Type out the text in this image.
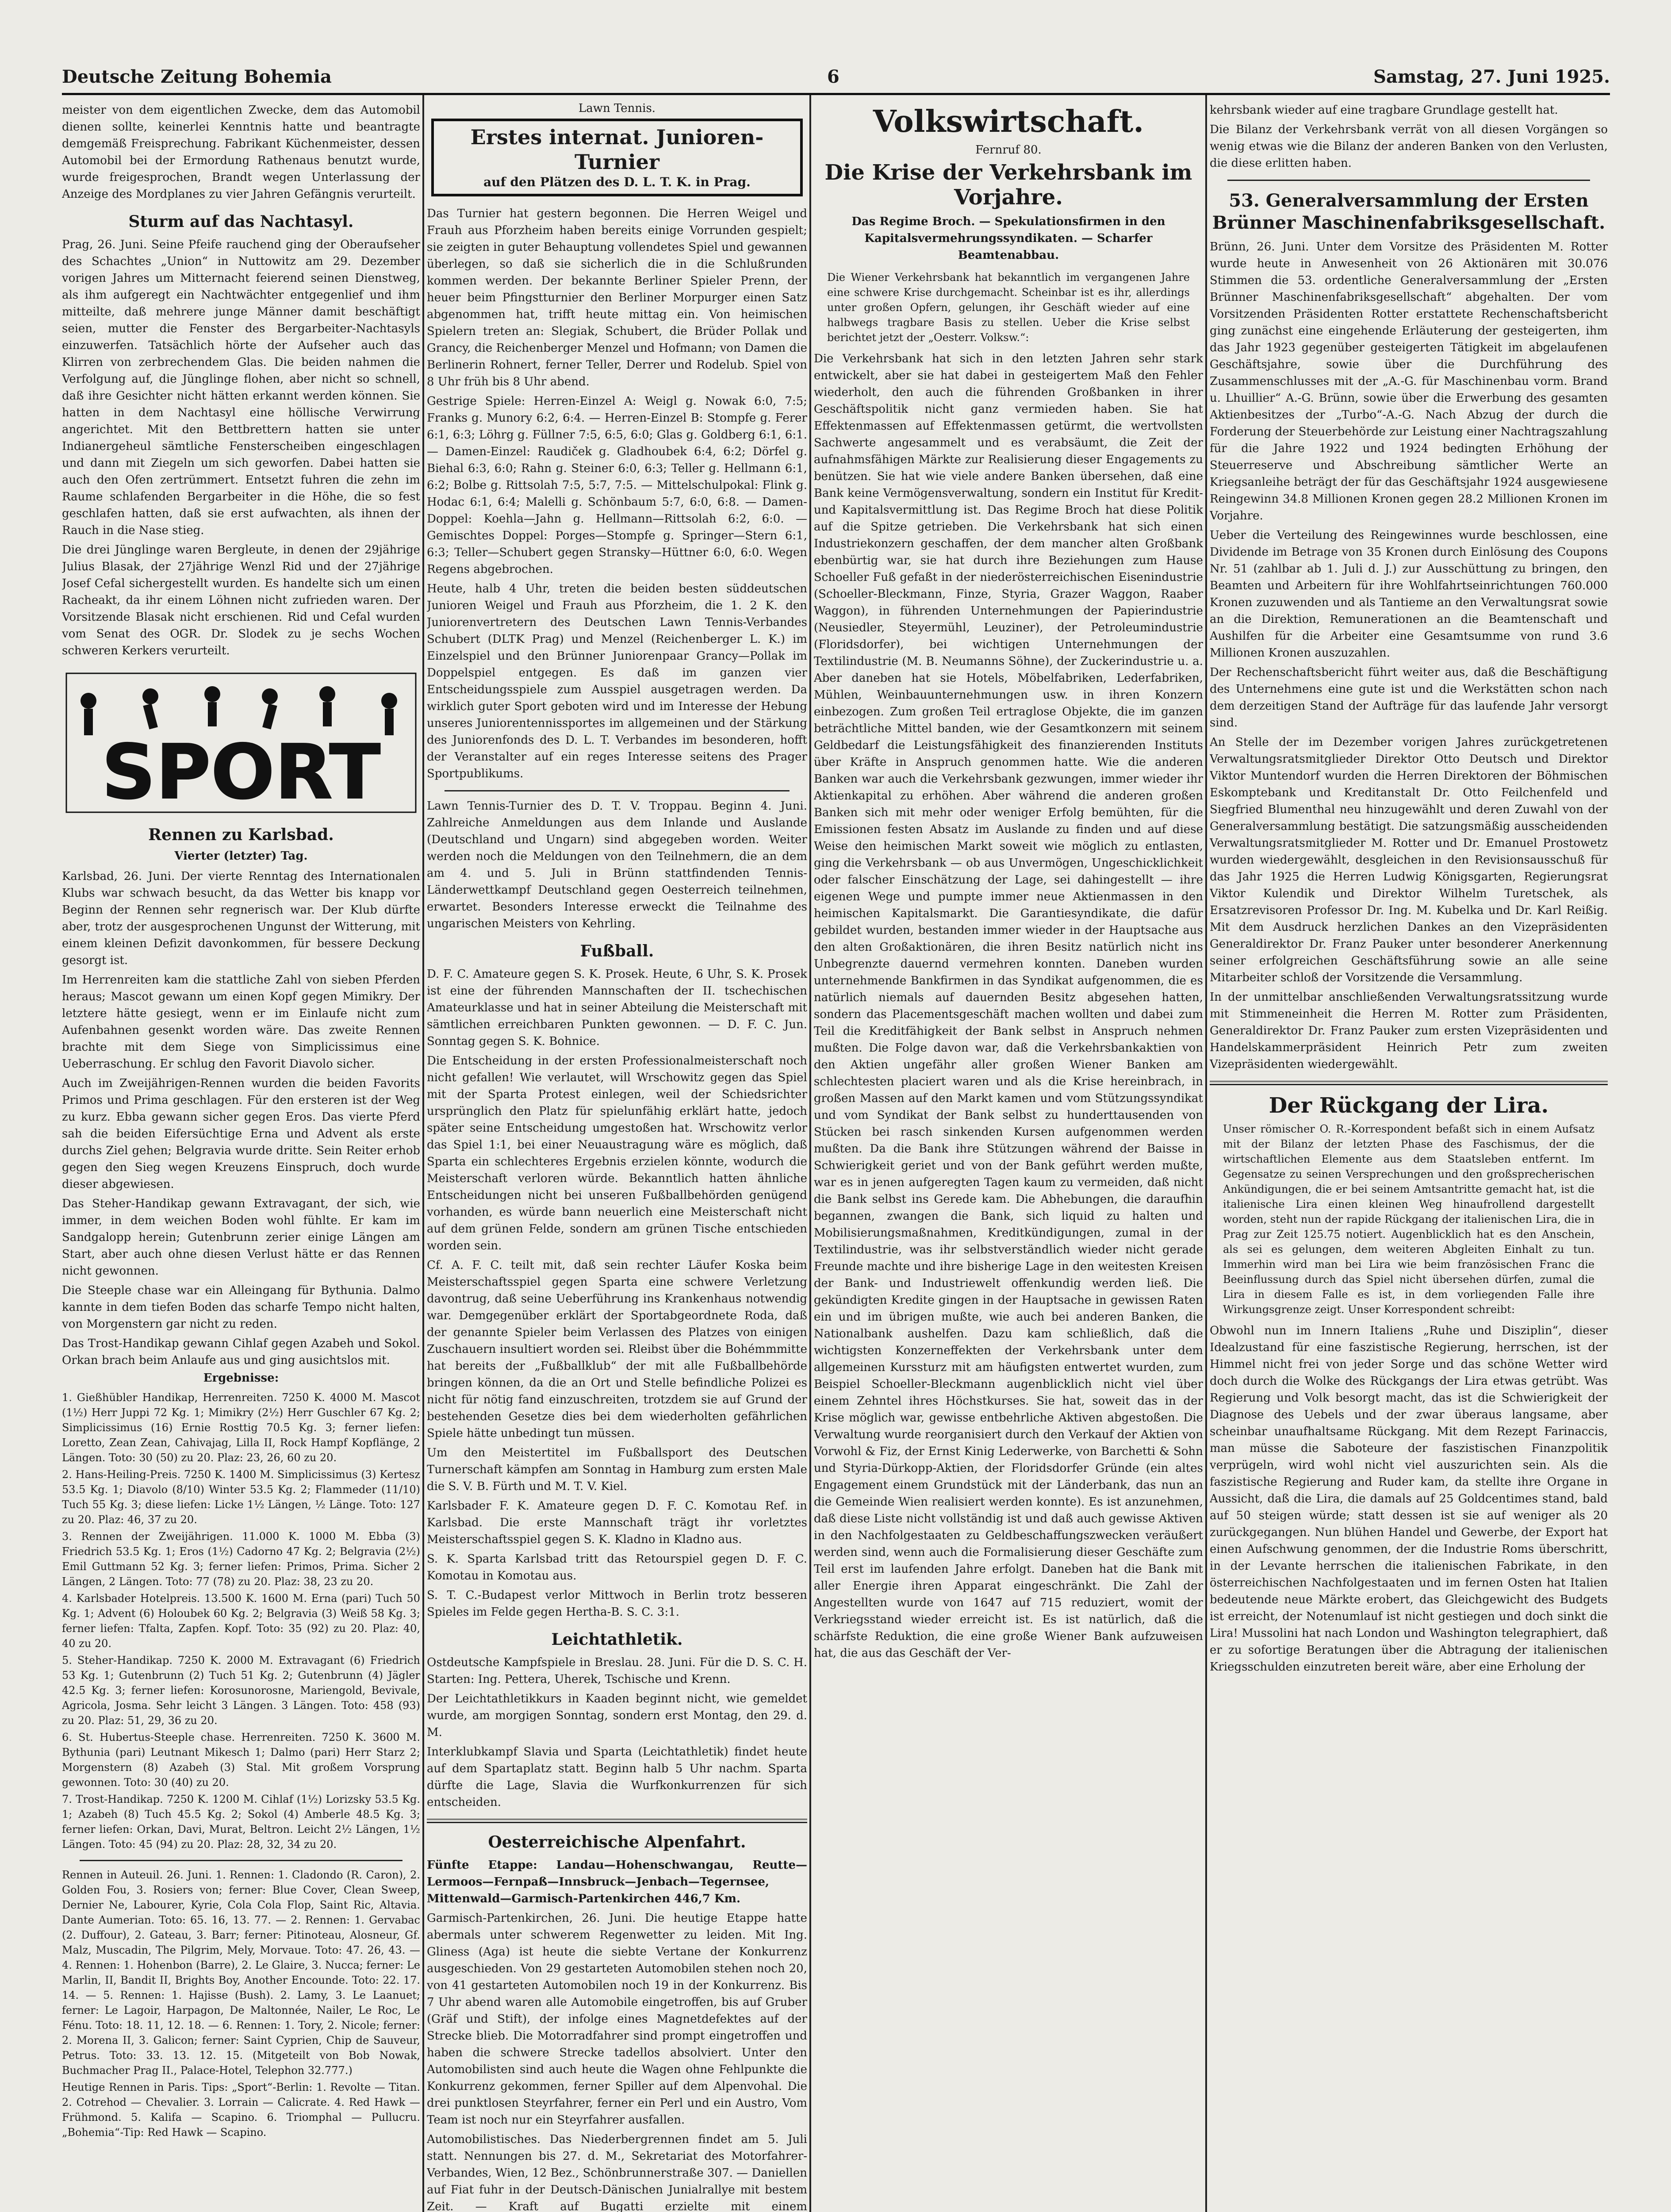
Deutsche Zeitung Bohemia	6	Samstag, 27. Juni 1925.

meister von dem eigentlichen Zwecke, dem das Automobil dienen sollte, keinerlei Kenntnis hatte und beantragte demgemäß Freisprechung. Fabrikant Küchenmeister, dessen Automobil bei der Ermordung Rathenaus benutzt wurde, wurde freigesprochen, Brandt wegen Unterlassung der Anzeige des Mordplanes zu vier Jahren Gefängnis verurteilt.

Sturm auf das Nachtasyl.

Prag, 26. Juni. Seine Pfeife rauchend ging der Oberaufseher des Schachtes „Union“ in Nuttowitz am 29. Dezember vorigen Jahres um Mitternacht feierend seinen Dienstweg, als ihm aufgeregt ein Nachtwächter entgegenlief und ihm mitteilte, daß mehrere junge Männer damit beschäftigt seien, mutter die Fenster des Bergarbeiter-Nachtasyls einzuwerfen. Tatsächlich hörte der Aufseher auch das Klirren von zerbrechendem Glas. Die beiden nahmen die Verfolgung auf, die Jünglinge flohen, aber nicht so schnell, daß ihre Gesichter nicht hätten erkannt werden können. Sie hatten in dem Nachtasyl eine höllische Verwirrung angerichtet. Mit den Bettbrettern hatten sie unter Indianergeheul sämtliche Fensterscheiben eingeschlagen und dann mit Ziegeln um sich geworfen. Dabei hatten sie auch den Ofen zertrümmert. Entsetzt fuhren die zehn im Raume schlafenden Bergarbeiter in die Höhe, die so fest geschlafen hatten, daß sie erst aufwachten, als ihnen der Rauch in die Nase stieg.

Die drei Jünglinge waren Bergleute, in denen der 29jährige Julius Blasak, der 27jährige Wenzl Rid und der 27jährige Josef Cefal sichergestellt wurden. Es handelte sich um einen Racheakt, da ihr einem Löhnen nicht zufrieden waren. Der Vorsitzende Blasak nicht erschienen. Rid und Cefal wurden vom Senat des OGR. Dr. Slodek zu je sechs Wochen schweren Kerkers verurteilt.

SPORT
Rennen zu Karlsbad.
Vierter (letzter) Tag.

Karlsbad, 26. Juni. Der vierte Renntag des Internationalen Klubs war schwach besucht, da das Wetter bis knapp vor Beginn der Rennen sehr regnerisch war. Der Klub dürfte aber, trotz der ausgesprochenen Ungunst der Witterung, mit einem kleinen Defizit davonkommen, für bessere Deckung gesorgt ist.

Im Herrenreiten kam die stattliche Zahl von sieben Pferden heraus; Mascot gewann um einen Kopf gegen Mimikry. Der letztere hätte gesiegt, wenn er im Einlaufe nicht zum Aufenbahnen gesenkt worden wäre. Das zweite Rennen brachte mit dem Siege von Simplicissimus eine Ueberraschung. Er schlug den Favorit Diavolo sicher.

Auch im Zweijährigen-Rennen wurden die beiden Favorits Primos und Prima geschlagen. Für den ersteren ist der Weg zu kurz. Ebba gewann sicher gegen Eros. Das vierte Pferd sah die beiden Eifersüchtige Erna und Advent als erste durchs Ziel gehen; Belgravia wurde dritte. Sein Reiter erhob gegen den Sieg wegen Kreuzens Einspruch, doch wurde dieser abgewiesen.

Das Steher-Handikap gewann Extravagant, der sich, wie immer, in dem weichen Boden wohl fühlte. Er kam im Sandgalopp herein; Gutenbrunn zerier einige Längen am Start, aber auch ohne diesen Verlust hätte er das Rennen nicht gewonnen.

Die Steeple chase war ein Alleingang für Bythunia. Dalmo kannte in dem tiefen Boden das scharfe Tempo nicht halten, von Morgenstern gar nicht zu reden.

Das Trost-Handikap gewann Cihlaf gegen Azabeh und Sokol. Orkan brach beim Anlaufe aus und ging ausichtslos mit.

Ergebnisse:

1. Gießhübler Handikap, Herrenreiten. 7250 K. 4000 M. Mascot (1½) Herr Juppi 72 Kg. 1; Mimikry (2½) Herr Guschler 67 Kg. 2; Simplicissimus (16) Ernie Rosttig 70.5 Kg. 3; ferner liefen: Loretto, Zean Zean, Cahivajag, Lilla II, Rock Hampf Kopflänge, 2 Längen. Toto: 30 (50) zu 20. Plaz: 23, 26, 60 zu 20.

2. Hans-Heiling-Preis. 7250 K. 1400 M. Simplicissimus (3) Kertesz 53.5 Kg. 1; Diavolo (8/10) Winter 53.5 Kg. 2; Flammeder (11/10) Tuch 55 Kg. 3; diese liefen: Licke 1½ Längen, ½ Länge. Toto: 127 zu 20. Plaz: 46, 37 zu 20.

3. Rennen der Zweijährigen. 11.000 K. 1000 M. Ebba (3) Friedrich 53.5 Kg. 1; Eros (1½) Cadorno 47 Kg. 2; Belgravia (2½) Emil Guttmann 52 Kg. 3; ferner liefen: Primos, Prima. Sicher 2 Längen, 2 Längen. Toto: 77 (78) zu 20. Plaz: 38, 23 zu 20.

4. Karlsbader Hotelpreis. 13.500 K. 1600 M. Erna (pari) Tuch 50 Kg. 1; Advent (6) Holoubek 60 Kg. 2; Belgravia (3) Weiß 58 Kg. 3; ferner liefen: Tfalta, Zapfen. Kopf. Toto: 35 (92) zu 20. Plaz: 40, 40 zu 20.

5. Steher-Handikap. 7250 K. 2000 M. Extravagant (6) Friedrich 53 Kg. 1; Gutenbrunn (2) Tuch 51 Kg. 2; Gutenbrunn (4) Jägler 42.5 Kg. 3; ferner liefen: Korosunorosne, Mariengold, Bevivale, Agricola, Josma. Sehr leicht 3 Längen. 3 Längen. Toto: 458 (93) zu 20. Plaz: 51, 29, 36 zu 20.

6. St. Hubertus-Steeple chase. Herrenreiten. 7250 K. 3600 M. Bythunia (pari) Leutnant Mikesch 1; Dalmo (pari) Herr Starz 2; Morgenstern (8) Azabeh (3) Stal. Mit großem Vorsprung gewonnen. Toto: 30 (40) zu 20.

7. Trost-Handikap. 7250 K. 1200 M. Cihlaf (1½) Lorizsky 53.5 Kg. 1; Azabeh (8) Tuch 45.5 Kg. 2; Sokol (4) Amberle 48.5 Kg. 3; ferner liefen: Orkan, Davi, Murat, Beltron. Leicht 2½ Längen, 1½ Längen. Toto: 45 (94) zu 20. Plaz: 28, 32, 34 zu 20.

Rennen in Auteuil. 26. Juni. 1. Rennen: 1. Cladondo (R. Caron), 2. Golden Fou, 3. Rosiers von; ferner: Blue Cover, Clean Sweep, Dernier Ne, Labourer, Kyrie, Cola Cola Flop, Saint Ric, Altavia. Dante Aumerian. Toto: 65. 16, 13. 77. — 2. Rennen: 1. Gervabac (2. Duffour), 2. Gateau, 3. Barr; ferner: Pitinoteau, Alosneur, Gf. Malz, Muscadin, The Pilgrim, Mely, Morvaue. Toto: 47. 26, 43. — 4. Rennen: 1. Hohenbon (Barre), 2. Le Glaire, 3. Nucca; ferner: Le Marlin, II, Bandit II, Brights Boy, Another Encounde. Toto: 22. 17. 14. — 5. Rennen: 1. Hajisse (Bush). 2. Lamy, 3. Le Laanuet; ferner: Le Lagoir, Harpagon, De Maltonnée, Nailer, Le Roc, Le Fénu. Toto: 18. 11, 12. 18. — 6. Rennen: 1. Tory, 2. Nicole; ferner: 2. Morena II, 3. Galicon; ferner: Saint Cyprien, Chip de Sauveur, Petrus. Toto: 33. 13. 12. 15. (Mitgeteilt von Bob Nowak, Buchmacher Prag II., Palace-Hotel, Telephon 32.777.)

Heutige Rennen in Paris. Tips: „Sport“-Berlin: 1. Revolte — Titan. 2. Cotrehod — Chevalier. 3. Lorrain — Calicrate. 4. Red Hawk — Frühmond. 5. Kalifa — Scapino. 6. Triomphal — Pullucru. „Bohemia“-Tip: Red Hawk — Scapino.

Lawn Tennis.
Erstes internat. Junioren-Turnier
auf den Plätzen des D. L. T. K. in Prag.

Das Turnier hat gestern begonnen. Die Herren Weigel und Frauh aus Pforzheim haben bereits einige Vorrunden gespielt; sie zeigten in guter Behauptung vollendetes Spiel und gewannen überlegen, so daß sie sicherlich die in die Schlußrunden kommen werden. Der bekannte Berliner Spieler Prenn, der heuer beim Pfingstturnier den Berliner Morpurger einen Satz abgenommen hat, trifft heute mittag ein. Von heimischen Spielern treten an: Slegiak, Schubert, die Brüder Pollak und Grancy, die Reichenberger Menzel und Hofmann; von Damen die Berlinerin Rohnert, ferner Teller, Derrer und Rodelub. Spiel von 8 Uhr früh bis 8 Uhr abend.

Gestrige Spiele: Herren-Einzel A: Weigl g. Nowak 6:0, 7:5; Franks g. Munory 6:2, 6:4. — Herren-Einzel B: Stompfe g. Ferer 6:1, 6:3; Löhrg g. Füllner 7:5, 6:5, 6:0; Glas g. Goldberg 6:1, 6:1. — Damen-Einzel: Raudiček g. Gladhoubek 6:4, 6:2; Dörfel g. Biehal 6:3, 6:0; Rahn g. Steiner 6:0, 6:3; Teller g. Hellmann 6:1, 6:2; Bolbe g. Rittsolah 7:5, 5:7, 7:5. — Mittelschulpokal: Flink g. Hodac 6:1, 6:4; Malelli g. Schönbaum 5:7, 6:0, 6:8. — Damen-Doppel: Koehla—Jahn g. Hellmann—Rittsolah 6:2, 6:0. — Gemischtes Doppel: Porges—Stompfe g. Springer—Stern 6:1, 6:3; Teller—Schubert gegen Stransky—Hüttner 6:0, 6:0. Wegen Regens abgebrochen.

Heute, halb 4 Uhr, treten die beiden besten süddeutschen Junioren Weigel und Frauh aus Pforzheim, die 1. 2 K. den Juniorenvertretern des Deutschen Lawn Tennis-Verbandes Schubert (DLTK Prag) und Menzel (Reichenberger L. K.) im Einzelspiel und den Brünner Juniorenpaar Grancy—Pollak im Doppelspiel entgegen. Es daß im ganzen vier Entscheidungsspiele zum Ausspiel ausgetragen werden. Da wirklich guter Sport geboten wird und im Interesse der Hebung unseres Juniorentennissportes im allgemeinen und der Stärkung des Juniorenfonds des D. L. T. Verbandes im besonderen, hofft der Veranstalter auf ein reges Interesse seitens des Prager Sportpublikums.

Lawn Tennis-Turnier des D. T. V. Troppau. Beginn 4. Juni. Zahlreiche Anmeldungen aus dem Inlande und Auslande (Deutschland und Ungarn) sind abgegeben worden. Weiter werden noch die Meldungen von den Teilnehmern, die an dem am 4. und 5. Juli in Brünn stattfindenden Tennis-Länderwettkampf Deutschland gegen Oesterreich teilnehmen, erwartet. Besonders Interesse erweckt die Teilnahme des ungarischen Meisters von Kehrling.

Fußball.

D. F. C. Amateure gegen S. K. Prosek. Heute, 6 Uhr, S. K. Prosek ist eine der führenden Mannschaften der II. tschechischen Amateurklasse und hat in seiner Abteilung die Meisterschaft mit sämtlichen erreichbaren Punkten gewonnen. — D. F. C. Jun. Sonntag gegen S. K. Bohnice.

Die Entscheidung in der ersten Professionalmeisterschaft noch nicht gefallen! Wie verlautet, will Wrschowitz gegen das Spiel mit der Sparta Protest einlegen, weil der Schiedsrichter ursprünglich den Platz für spielunfähig erklärt hatte, jedoch später seine Entscheidung umgestoßen hat. Wrschowitz verlor das Spiel 1:1, bei einer Neuaustragung wäre es möglich, daß Sparta ein schlechteres Ergebnis erzielen könnte, wodurch die Meisterschaft verloren würde. Bekanntlich hatten ähnliche Entscheidungen nicht bei unseren Fußballbehörden genügend vorhanden, es würde bann neuerlich eine Meisterschaft nicht auf dem grünen Felde, sondern am grünen Tische entschieden worden sein.

Cf. A. F. C. teilt mit, daß sein rechter Läufer Koska beim Meisterschaftsspiel gegen Sparta eine schwere Verletzung davontrug, daß seine Ueberführung ins Krankenhaus notwendig war. Demgegenüber erklärt der Sportabgeordnete Roda, daß der genannte Spieler beim Verlassen des Platzes von einigen Zuschauern insultiert worden sei. Rleibst über die Bohémmmitte hat bereits der „Fußballklub“ der mit alle Fußballbehörde bringen können, da die an Ort und Stelle befindliche Polizei es nicht für nötig fand einzuschreiten, trotzdem sie auf Grund der bestehenden Gesetze dies bei dem wiederholten gefährlichen Spiele hätte unbedingt tun müssen.

Um den Meistertitel im Fußballsport des Deutschen Turnerschaft kämpfen am Sonntag in Hamburg zum ersten Male die S. V. B. Fürth und M. T. V. Kiel.

Karlsbader F. K. Amateure gegen D. F. C. Komotau Ref. in Karlsbad. Die erste Mannschaft trägt ihr vorletztes Meisterschaftsspiel gegen S. K. Kladno in Kladno aus.

S. K. Sparta Karlsbad tritt das Retourspiel gegen D. F. C. Komotau in Komotau aus.

S. T. C.-Budapest verlor Mittwoch in Berlin trotz besseren Spieles im Felde gegen Hertha-B. S. C. 3:1.

Leichtathletik.

Ostdeutsche Kampfspiele in Breslau. 28. Juni. Für die D. S. C. H. Starten: Ing. Pettera, Uherek, Tschische und Krenn.

Der Leichtathletikkurs in Kaaden beginnt nicht, wie gemeldet wurde, am morgigen Sonntag, sondern erst Montag, den 29. d. M.

Interklubkampf Slavia und Sparta (Leichtathletik) findet heute auf dem Spartaplatz statt. Beginn halb 5 Uhr nachm. Sparta dürfte die Lage, Slavia die Wurfkonkurrenzen für sich entscheiden.

Oesterreichische Alpenfahrt.

Fünfte Etappe: Landau—Hohenschwangau, Reutte—Lermoos—Fernpaß—Innsbruck—Jenbach—Tegernsee, Mittenwald—Garmisch-Partenkirchen 446,7 Km.

Garmisch-Partenkirchen, 26. Juni. Die heutige Etappe hatte abermals unter schwerem Regenwetter zu leiden. Mit Ing. Gliness (Aga) ist heute die siebte Vertane der Konkurrenz ausgeschieden. Von 29 gestarteten Automobilen stehen noch 20, von 41 gestarteten Automobilen noch 19 in der Konkurrenz. Bis 7 Uhr abend waren alle Automobile eingetroffen, bis auf Gruber (Gräf und Stift), der infolge eines Magnetdefektes auf der Strecke blieb. Die Motorradfahrer sind prompt eingetroffen und haben die schwere Strecke tadellos absolviert. Unter den Automobilisten sind auch heute die Wagen ohne Fehlpunkte die Konkurrenz gekommen, ferner Spiller auf dem Alpenvohal. Die drei punktlosen Steyrfahrer, ferner ein Perl und ein Austro, Vom Team ist noch nur ein Steyrfahrer ausfallen.

Automobilistisches. Das Niederbergrennen findet am 5. Juli statt. Nennungen bis 27. d. M., Sekretariat des Motorfahrer-Verbandes, Wien, 12 Bez., Schönbrunnerstraße 307. — Daniellen auf Fiat fuhr in der Deutsch-Dänischen Junialrallye mit bestem Zeit. — Kraft auf Bugatti erzielte mit einem

Volkswirtschaft.
Fernruf 80.
Die Krise der Verkehrsbank im Vorjahre.
Das Regime Broch. — Spekulationsfirmen in den Kapitalsvermehrungssyndikaten. — Scharfer Beamtenabbau.

Die Wiener Verkehrsbank hat bekanntlich im vergangenen Jahre eine schwere Krise durchgemacht. Scheinbar ist es ihr, allerdings unter großen Opfern, gelungen, ihr Geschäft wieder auf eine halbwegs tragbare Basis zu stellen. Ueber die Krise selbst berichtet jetzt der „Oesterr. Volksw.“:

Die Verkehrsbank hat sich in den letzten Jahren sehr stark entwickelt, aber sie hat dabei in gesteigertem Maß den Fehler wiederholt, den auch die führenden Großbanken in ihrer Geschäftspolitik nicht ganz vermieden haben. Sie hat Effektenmassen auf Effektenmassen getürmt, die wertvollsten Sachwerte angesammelt und es verabsäumt, die Zeit der aufnahmsfähigen Märkte zur Realisierung dieser Engagements zu benützen. Sie hat wie viele andere Banken übersehen, daß eine Bank keine Vermögensverwaltung, sondern ein Institut für Kredit- und Kapitalsvermittlung ist. Das Regime Broch hat diese Politik auf die Spitze getrieben. Die Verkehrsbank hat sich einen Industriekonzern geschaffen, der dem mancher alten Großbank ebenbürtig war, sie hat durch ihre Beziehungen zum Hause Schoeller Fuß gefaßt in der niederösterreichischen Eisenindustrie (Schoeller-Bleckmann, Finze, Styria, Grazer Waggon, Raaber Waggon), in führenden Unternehmungen der Papierindustrie (Neusiedler, Steyermühl, Leuziner), der Petroleumindustrie (Floridsdorfer), bei wichtigen Unternehmungen der Textilindustrie (M. B. Neumanns Söhne), der Zuckerindustrie u. a. Aber daneben hat sie Hotels, Möbelfabriken, Lederfabriken, Mühlen, Weinbauunternehmungen usw. in ihren Konzern einbezogen. Zum großen Teil ertraglose Objekte, die im ganzen beträchtliche Mittel banden, wie der Gesamtkonzern mit seinem Geldbedarf die Leistungsfähigkeit des finanzierenden Instituts über Kräfte in Anspruch genommen hatte. Wie die anderen Banken war auch die Verkehrsbank gezwungen, immer wieder ihr Aktienkapital zu erhöhen. Aber während die anderen großen Banken sich mit mehr oder weniger Erfolg bemühten, für die Emissionen festen Absatz im Auslande zu finden und auf diese Weise den heimischen Markt soweit wie möglich zu entlasten, ging die Verkehrsbank — ob aus Unvermögen, Ungeschicklichkeit oder falscher Einschätzung der Lage, sei dahingestellt — ihre eigenen Wege und pumpte immer neue Aktienmassen in den heimischen Kapitalsmarkt. Die Garantiesyndikate, die dafür gebildet wurden, bestanden immer wieder in der Hauptsache aus den alten Großaktionären, die ihren Besitz natürlich nicht ins Unbegrenzte dauernd vermehren konnten. Daneben wurden unternehmende Bankfirmen in das Syndikat aufgenommen, die es natürlich niemals auf dauernden Besitz abgesehen hatten, sondern das Placementsgeschäft machen wollten und dabei zum Teil die Kreditfähigkeit der Bank selbst in Anspruch nehmen mußten. Die Folge davon war, daß die Verkehrsbankaktien von den Aktien ungefähr aller großen Wiener Banken am schlechtesten placiert waren und als die Krise hereinbrach, in großen Massen auf den Markt kamen und vom Stützungssyndikat und vom Syndikat der Bank selbst zu hunderttausenden von Stücken bei rasch sinkenden Kursen aufgenommen werden mußten. Da die Bank ihre Stützungen während der Baisse in Schwierigkeit geriet und von der Bank geführt werden mußte, war es in jenen aufgeregten Tagen kaum zu vermeiden, daß nicht die Bank selbst ins Gerede kam. Die Abhebungen, die daraufhin begannen, zwangen die Bank, sich liquid zu halten und Mobilisierungsmaßnahmen, Kreditkündigungen, zumal in der Textilindustrie, was ihr selbstverständlich wieder nicht gerade Freunde machte und ihre bisherige Lage in den weitesten Kreisen der Bank- und Industriewelt offenkundig werden ließ. Die gekündigten Kredite gingen in der Hauptsache in gewissen Raten ein und im übrigen mußte, wie auch bei anderen Banken, die Nationalbank aushelfen. Dazu kam schließlich, daß die wichtigsten Konzerneffekten der Verkehrsbank unter dem allgemeinen Kurssturz mit am häufigsten entwertet wurden, zum Beispiel Schoeller-Bleckmann augenblicklich nicht viel über einem Zehntel ihres Höchstkurses. Sie hat, soweit das in der Krise möglich war, gewisse entbehrliche Aktiven abgestoßen. Die Verwaltung wurde reorganisiert durch den Verkauf der Aktien von Vorwohl & Fiz, der Ernst Kinig Lederwerke, von Barchetti & Sohn und Styria-Dürkopp-Aktien, der Floridsdorfer Gründe (ein altes Engagement einem Grundstück mit der Länderbank, das nun an die Gemeinde Wien realisiert werden konnte). Es ist anzunehmen, daß diese Liste nicht vollständig ist und daß auch gewisse Aktiven in den Nachfolgestaaten zu Geldbeschaffungszwecken veräußert werden sind, wenn auch die Formalisierung dieser Geschäfte zum Teil erst im laufenden Jahre erfolgt. Daneben hat die Bank mit aller Energie ihren Apparat eingeschränkt. Die Zahl der Angestellten wurde von 1647 auf 715 reduziert, womit der Verkriegsstand wieder erreicht ist. Es ist natürlich, daß die schärfste Reduktion, die eine große Wiener Bank aufzuweisen hat, die aus das Geschäft der Ver-

kehrsbank wieder auf eine tragbare Grundlage gestellt hat.

Die Bilanz der Verkehrsbank verrät von all diesen Vorgängen so wenig etwas wie die Bilanz der anderen Banken von den Verlusten, die diese erlitten haben.

53. Generalversammlung der Ersten Brünner Maschinenfabriksgesellschaft.

Brünn, 26. Juni. Unter dem Vorsitze des Präsidenten M. Rotter wurde heute in Anwesenheit von 26 Aktionären mit 30.076 Stimmen die 53. ordentliche Generalversammlung der „Ersten Brünner Maschinenfabriksgesellschaft“ abgehalten. Der vom Vorsitzenden Präsidenten Rotter erstattete Rechenschaftsbericht ging zunächst eine eingehende Erläuterung der gesteigerten, ihm das Jahr 1923 gegenüber gesteigerten Tätigkeit im abgelaufenen Geschäftsjahre, sowie über die Durchführung des Zusammenschlusses mit der „A.-G. für Maschinenbau vorm. Brand u. Lhuillier“ A.-G. Brünn, sowie über die Erwerbung des gesamten Aktienbesitzes der „Turbo“-A.-G. Nach Abzug der durch die Forderung der Steuerbehörde zur Leistung einer Nachtragszahlung für die Jahre 1922 und 1924 bedingten Erhöhung der Steuerreserve und Abschreibung sämtlicher Werte an Kriegsanleihe beträgt der für das Geschäftsjahr 1924 ausgewiesene Reingewinn 34.8 Millionen Kronen gegen 28.2 Millionen Kronen im Vorjahre.

Ueber die Verteilung des Reingewinnes wurde beschlossen, eine Dividende im Betrage von 35 Kronen durch Einlösung des Coupons Nr. 51 (zahlbar ab 1. Juli d. J.) zur Ausschüttung zu bringen, den Beamten und Arbeitern für ihre Wohlfahrtseinrichtungen 760.000 Kronen zuzuwenden und als Tantieme an den Verwaltungsrat sowie an die Direktion, Remunerationen an die Beamtenschaft und Aushilfen für die Arbeiter eine Gesamtsumme von rund 3.6 Millionen Kronen auszuzahlen.

Der Rechenschaftsbericht führt weiter aus, daß die Beschäftigung des Unternehmens eine gute ist und die Werkstätten schon nach dem derzeitigen Stand der Aufträge für das laufende Jahr versorgt sind.

An Stelle der im Dezember vorigen Jahres zurückgetretenen Verwaltungsratsmitglieder Direktor Otto Deutsch und Direktor Viktor Muntendorf wurden die Herren Direktoren der Böhmischen Eskomptebank und Kreditanstalt Dr. Otto Feilchenfeld und Siegfried Blumenthal neu hinzugewählt und deren Zuwahl von der Generalversammlung bestätigt. Die satzungsmäßig ausscheidenden Verwaltungsratsmitglieder M. Rotter und Dr. Emanuel Prostowetz wurden wiedergewählt, desgleichen in den Revisionsausschuß für das Jahr 1925 die Herren Ludwig Königsgarten, Regierungsrat Viktor Kulendik und Direktor Wilhelm Turetschek, als Ersatzrevisoren Professor Dr. Ing. M. Kubelka und Dr. Karl Reißig. Mit dem Ausdruck herzlichen Dankes an den Vizepräsidenten Generaldirektor Dr. Franz Pauker unter besonderer Anerkennung seiner erfolgreichen Geschäftsführung sowie an alle seine Mitarbeiter schloß der Vorsitzende die Versammlung.

In der unmittelbar anschließenden Verwaltungsratssitzung wurde mit Stimmeneinheit die Herren M. Rotter zum Präsidenten, Generaldirektor Dr. Franz Pauker zum ersten Vizepräsidenten und Handelskammerpräsident Heinrich Petr zum zweiten Vizepräsidenten wiedergewählt.

Der Rückgang der Lira.

Unser römischer O. R.-Korrespondent befaßt sich in einem Aufsatz mit der Bilanz der letzten Phase des Faschismus, der die wirtschaftlichen Elemente aus dem Staatsleben entfernt. Im Gegensatze zu seinen Versprechungen und den großsprecherischen Ankündigungen, die er bei seinem Amtsantritte gemacht hat, ist die italienische Lira einen kleinen Weg hinaufrollend dargestellt worden, steht nun der rapide Rückgang der italienischen Lira, die in Prag zur Zeit 125.75 notiert. Augenblicklich hat es den Anschein, als sei es gelungen, dem weiteren Abgleiten Einhalt zu tun. Immerhin wird man bei Lira wie beim französischen Franc die Beeinflussung durch das Spiel nicht übersehen dürfen, zumal die Lira in diesem Falle es ist, in dem vorliegenden Falle ihre Wirkungsgrenze zeigt. Unser Korrespondent schreibt:

Obwohl nun im Innern Italiens „Ruhe und Disziplin“, dieser Idealzustand für eine faszistische Regierung, herrschen, ist der Himmel nicht frei von jeder Sorge und das schöne Wetter wird doch durch die Wolke des Rückgangs der Lira etwas getrübt. Was Regierung und Volk besorgt macht, das ist die Schwierigkeit der Diagnose des Uebels und der zwar überaus langsame, aber scheinbar unaufhaltsame Rückgang. Mit dem Rezept Farinaccis, man müsse die Saboteure der faszistischen Finanzpolitik verprügeln, wird wohl nicht viel auszurichten sein. Als die faszistische Regierung and Ruder kam, da stellte ihre Organe in Aussicht, daß die Lira, die damals auf 25 Goldcentimes stand, bald auf 50 steigen würde; statt dessen ist sie auf weniger als 20 zurückgegangen. Nun blühen Handel und Gewerbe, der Export hat einen Aufschwung genommen, der die Industrie Roms überschritt, in der Levante herrschen die italienischen Fabrikate, in den österreichischen Nachfolgestaaten und im fernen Osten hat Italien bedeutende neue Märkte erobert, das Gleichgewicht des Budgets ist erreicht, der Notenumlauf ist nicht gestiegen und doch sinkt die Lira! Mussolini hat nach London und Washington telegraphiert, daß er zu sofortige Beratungen über die Abtragung der italienischen Kriegsschulden einzutreten bereit wäre, aber eine Erholung der
